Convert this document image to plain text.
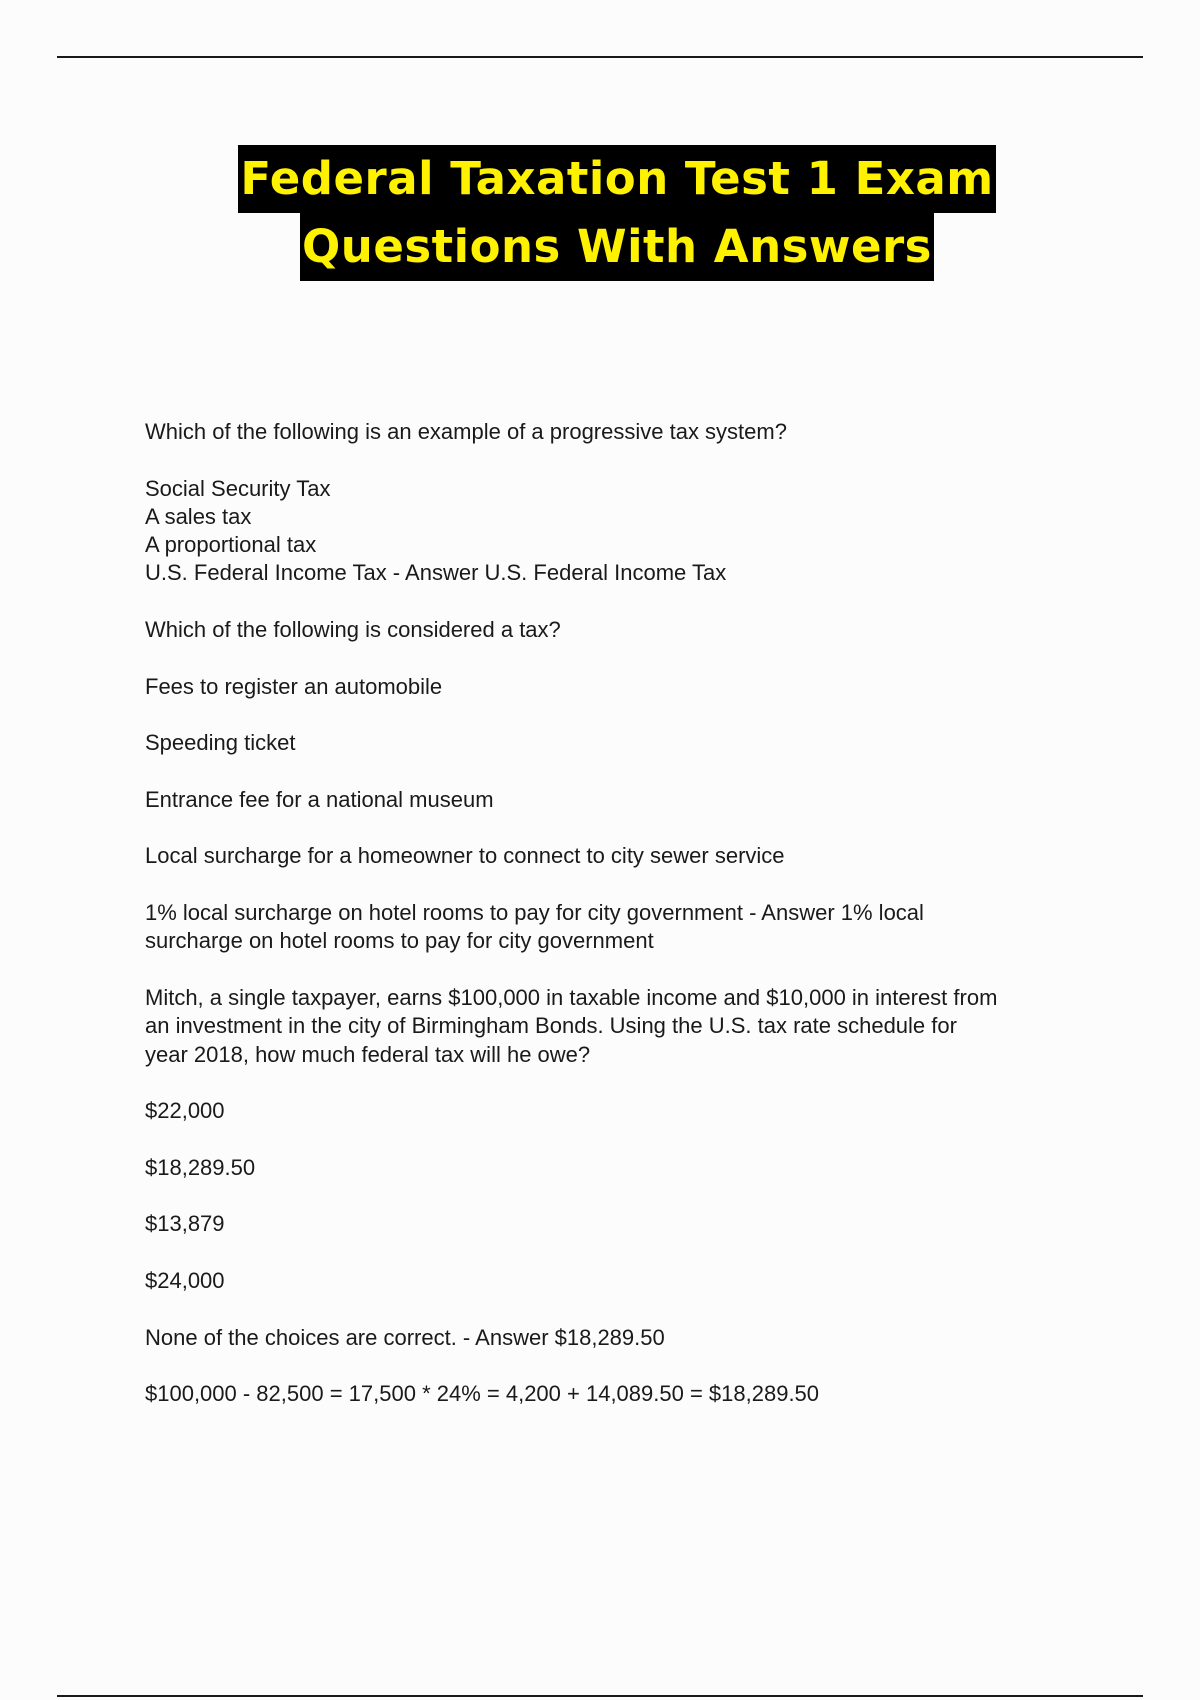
Federal Taxation Test 1 Exam
Questions With Answers

Which of the following is an example of a progressive tax system?

Social Security Tax
A sales tax
A proportional tax
U.S. Federal Income Tax - Answer U.S. Federal Income Tax

Which of the following is considered a tax?

Fees to register an automobile

Speeding ticket

Entrance fee for a national museum

Local surcharge for a homeowner to connect to city sewer service

1% local surcharge on hotel rooms to pay for city government - Answer 1% local
surcharge on hotel rooms to pay for city government

Mitch, a single taxpayer, earns $100,000 in taxable income and $10,000 in interest from
an investment in the city of Birmingham Bonds. Using the U.S. tax rate schedule for
year 2018, how much federal tax will he owe?

$22,000

$18,289.50

$13,879

$24,000

None of the choices are correct. - Answer $18,289.50

$100,000 - 82,500 = 17,500 * 24% = 4,200 + 14,089.50 = $18,289.50
